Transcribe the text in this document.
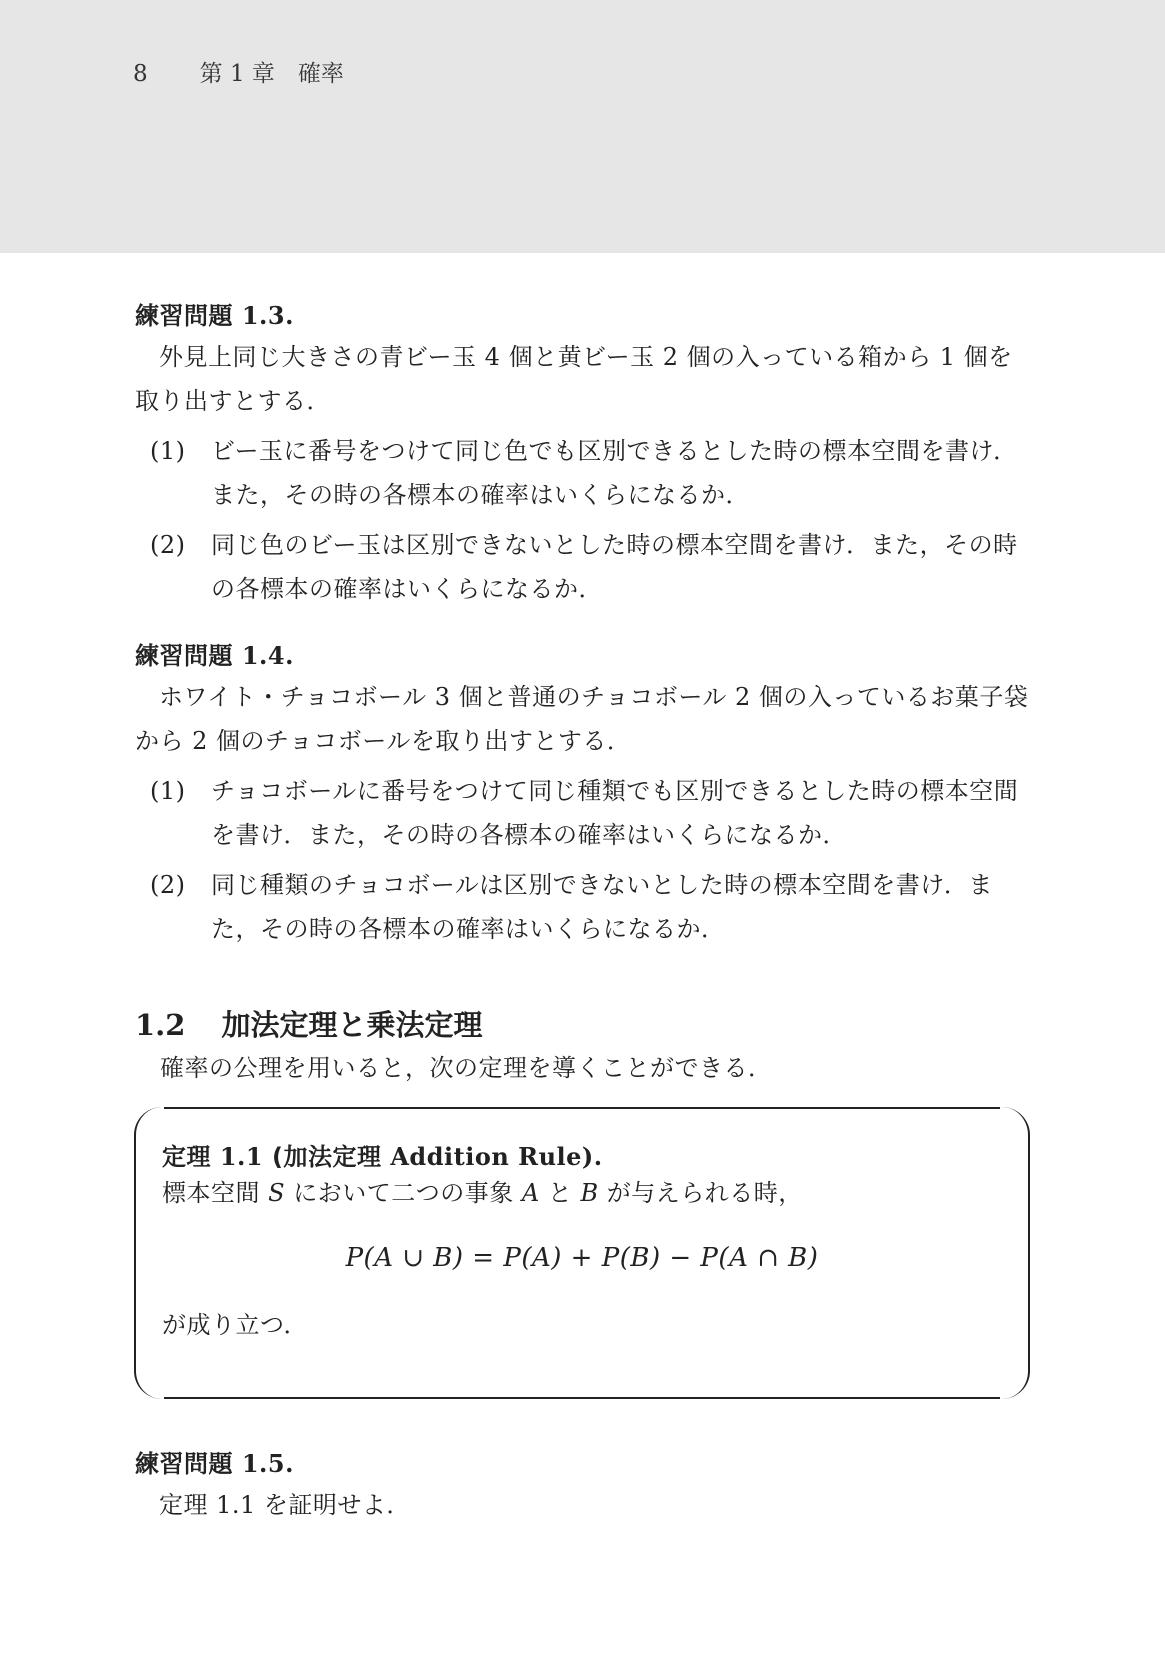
8 第 1 章　確率

練習問題 1.3.

外見上同じ大きさの青ビー玉 4 個と黄ビー玉 2 個の入っている箱から 1 個を取り出すとする．

(1) ビー玉に番号をつけて同じ色でも区別できるとした時の標本空間を書け．また，その時の各標本の確率はいくらになるか．
(2) 同じ色のビー玉は区別できないとした時の標本空間を書け．また，その時の各標本の確率はいくらになるか．

練習問題 1.4.

ホワイト・チョコボール 3 個と普通のチョコボール 2 個の入っているお菓子袋から 2 個のチョコボールを取り出すとする．

(1) チョコボールに番号をつけて同じ種類でも区別できるとした時の標本空間を書け．また，その時の各標本の確率はいくらになるか．
(2) 同じ種類のチョコボールは区別できないとした時の標本空間を書け．また，その時の各標本の確率はいくらになるか．
1.2 加法定理と乗法定理
確率の公理を用いると，次の定理を導くことができる．
定理 1.1 (加法定理 Addition Rule).
標本空間 S において二つの事象 A と B が与えられる時，
P(A ∪ B) = P(A) + P(B) − P(A ∩ B)
が成り立つ．

練習問題 1.5.

定理 1.1 を証明せよ．
